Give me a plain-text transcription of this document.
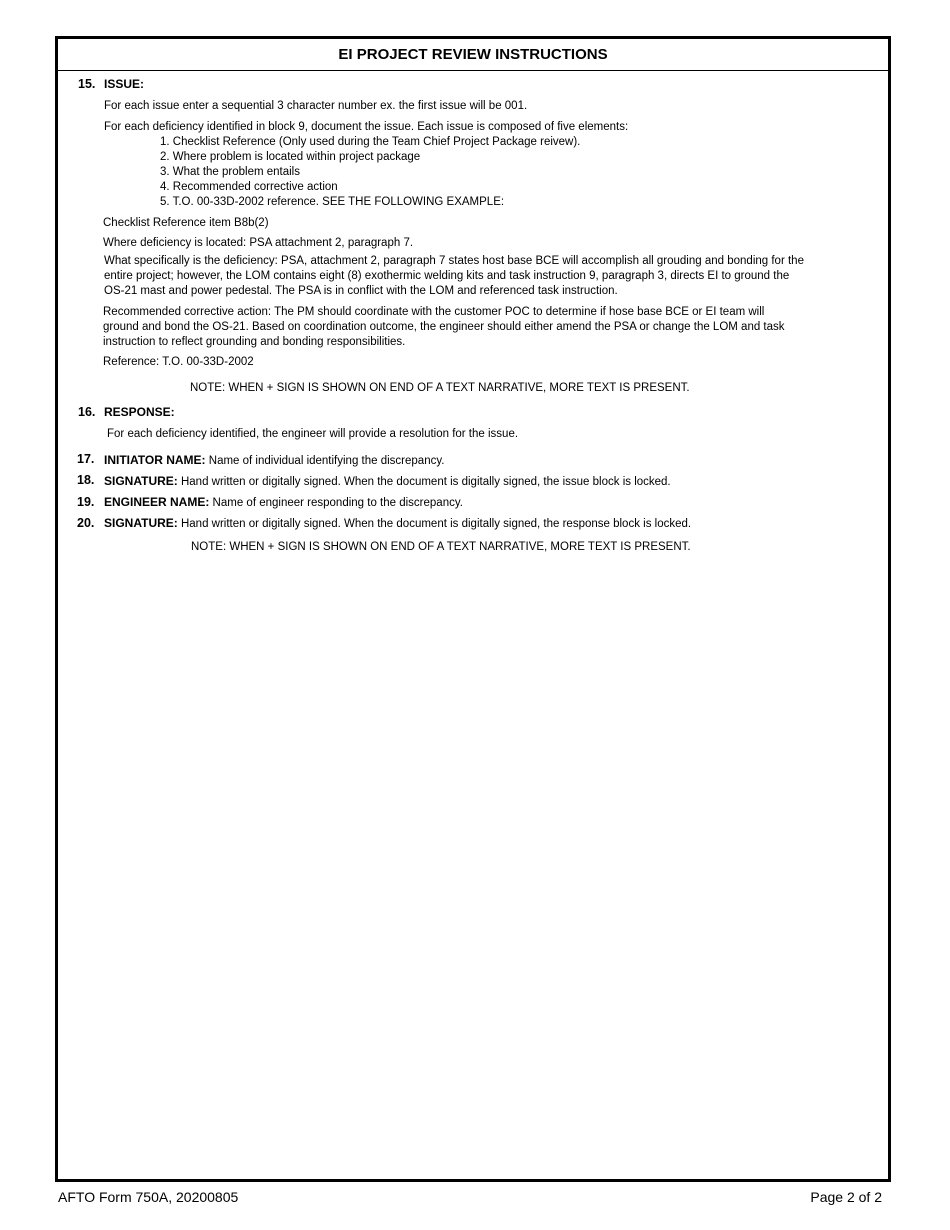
EI PROJECT REVIEW INSTRUCTIONS
15. ISSUE:
For each issue enter a sequential 3 character number ex. the first issue will be 001.
For each deficiency identified in block 9, document the issue. Each issue is composed of five elements:
1. Checklist Reference (Only used during the Team Chief Project Package reivew).
2. Where problem is located within project package
3. What the problem entails
4. Recommended corrective action
5. T.O. 00-33D-2002 reference. SEE THE FOLLOWING EXAMPLE:
Checklist Reference item B8b(2)
Where deficiency is located: PSA attachment 2, paragraph 7.
What specifically is the deficiency: PSA, attachment 2, paragraph 7 states host base BCE will accomplish all grouding and bonding for the entire project; however, the LOM contains eight (8) exothermic welding kits and task instruction 9, paragraph 3, directs EI to ground the OS-21 mast and power pedestal. The PSA is in conflict with the LOM and referenced task instruction.
Recommended corrective action: The PM should coordinate with the customer POC to determine if hose base BCE or EI team will ground and bond the OS-21. Based on coordination outcome, the engineer should either amend the PSA or change the LOM and task instruction to reflect grounding and bonding responsibilities.
Reference: T.O. 00-33D-2002
NOTE: WHEN + SIGN IS SHOWN ON END OF A TEXT NARRATIVE, MORE TEXT IS PRESENT.
16. RESPONSE:
For each deficiency identified, the engineer will provide a resolution for the issue.
17. INITIATOR NAME: Name of individual identifying the discrepancy.
18. SIGNATURE: Hand written or digitally signed. When the document is digitally signed, the issue block is locked.
19. ENGINEER NAME: Name of engineer responding to the discrepancy.
20. SIGNATURE: Hand written or digitally signed. When the document is digitally signed, the response block is locked.
NOTE: WHEN + SIGN IS SHOWN ON END OF A TEXT NARRATIVE, MORE TEXT IS PRESENT.
AFTO Form 750A, 20200805	Page 2 of 2
